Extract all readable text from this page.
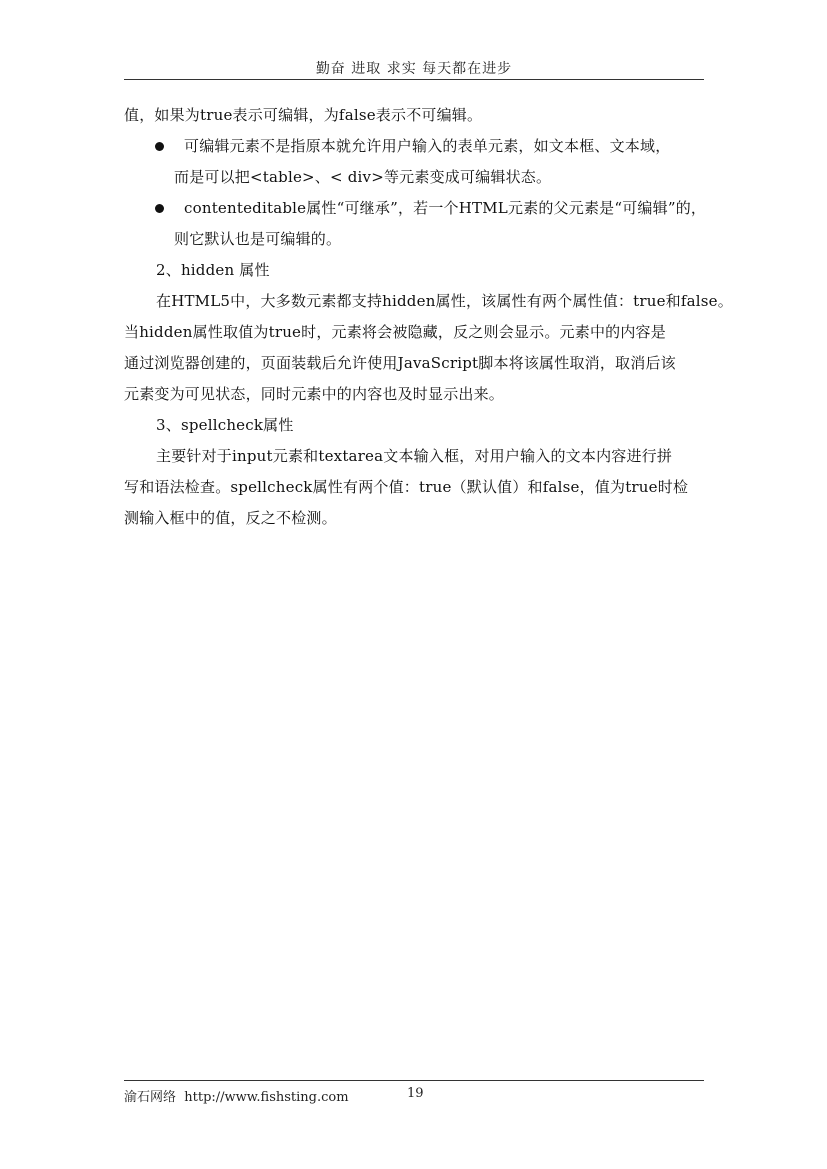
勤奋 进取 求实 每天都在进步
值，如果为true表示可编辑，为false表示不可编辑。
可编辑元素不是指原本就允许用户输入的表单元素，如文本框、文本域，
而是可以把<table>、< div>等元素变成可编辑状态。
contenteditable属性“可继承”，若一个HTML元素的父元素是“可编辑”的，
则它默认也是可编辑的。
2、hidden 属性
在HTML5中，大多数元素都支持hidden属性，该属性有两个属性值：true和false。
当hidden属性取值为true时，元素将会被隐藏，反之则会显示。元素中的内容是
通过浏览器创建的，页面装载后允许使用JavaScript脚本将该属性取消，取消后该
元素变为可见状态，同时元素中的内容也及时显示出来。
3、spellcheck属性
主要针对于input元素和textarea文本输入框，对用户输入的文本内容进行拼
写和语法检查。spellcheck属性有两个值：true（默认值）和false，值为true时检
测输入框中的值，反之不检测。
渝石网络  http://www.fishsting.com	19
